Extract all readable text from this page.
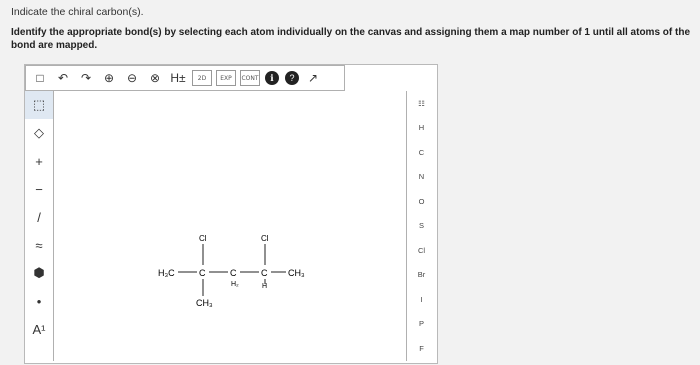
Indicate the chiral carbon(s).
Identify the appropriate bond(s) by selecting each atom individually on the canvas and assigning them a map number of 1 until all atoms of the bond are mapped.
□	↶	↷	⊕	⊖	⊗ H±	2D	EXP	CONT	ℹ	?	↗
⬚
◇
+
−
/
≈
⬢
•
A¹
☷
H
C
N
O
S
Cl
Br
I
P
F
H₃C	C	C
H₂
C
H
CH₃
Cl	Cl
CH₃
